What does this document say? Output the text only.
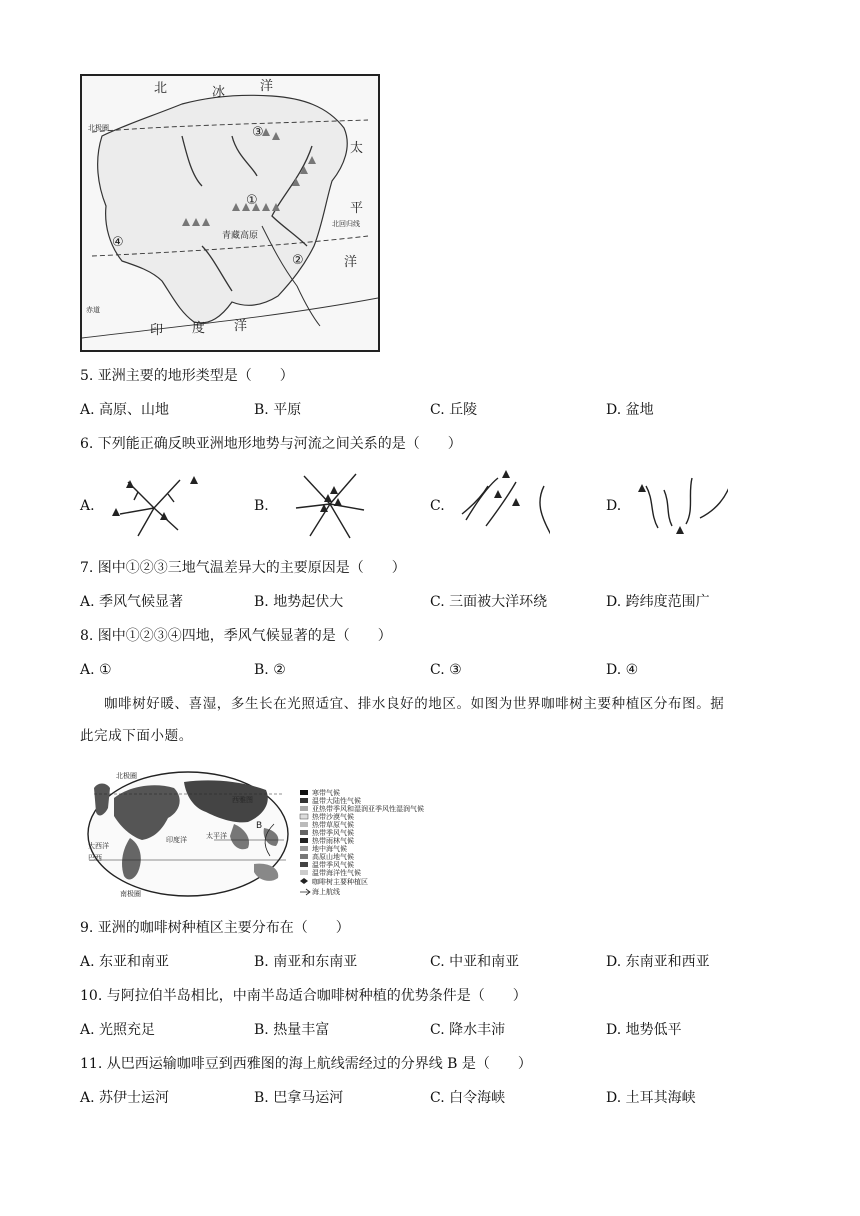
北	冰	洋
太
平
洋
印 度 洋
北极圈
北回归线
赤道
青藏高原
①
②
③
④
5. 亚洲主要的地形类型是（　　）
A. 高原、山地	B. 平原	C. 丘陵	D. 盆地
6. 下列能正确反映亚洲地形地势与河流之间关系的是（　　）
A.	B.	C.	D.
7. 图中①②③三地气温差异大的主要原因是（　　）
A. 季风气候显著	B. 地势起伏大	C. 三面被大洋环绕	D. 跨纬度范围广
8. 图中①②③④四地，季风气候显著的是（　　）
A. ①	B. ②	C. ③	D. ④
咖啡树好暖、喜湿，多生长在光照适宜、排水良好的地区。如图为世界咖啡树主要种植区分布图。据
此完成下面小题。
北极圈
西雅图
太平洋
大西洋
印度洋
巴西
南极圈
B
寒带气候
温带大陆性气候
亚热带季风和湿润亚季风性湿润气候
热带沙漠气候
热带草原气候
热带季风气候
热带雨林气候
地中海气候
高原山地气候
温带季风气候
温带海洋性气候
咖啡树主要种植区
海上航线
9. 亚洲的咖啡树种植区主要分布在（　　）
A. 东亚和南亚	B. 南亚和东南亚	C. 中亚和南亚	D. 东南亚和西亚
10. 与阿拉伯半岛相比，中南半岛适合咖啡树种植的优势条件是（　　）
A. 光照充足	B. 热量丰富	C. 降水丰沛	D. 地势低平
11. 从巴西运输咖啡豆到西雅图的海上航线需经过的分界线 B 是（　　）
A. 苏伊士运河	B. 巴拿马运河	C. 白令海峡	D. 土耳其海峡
